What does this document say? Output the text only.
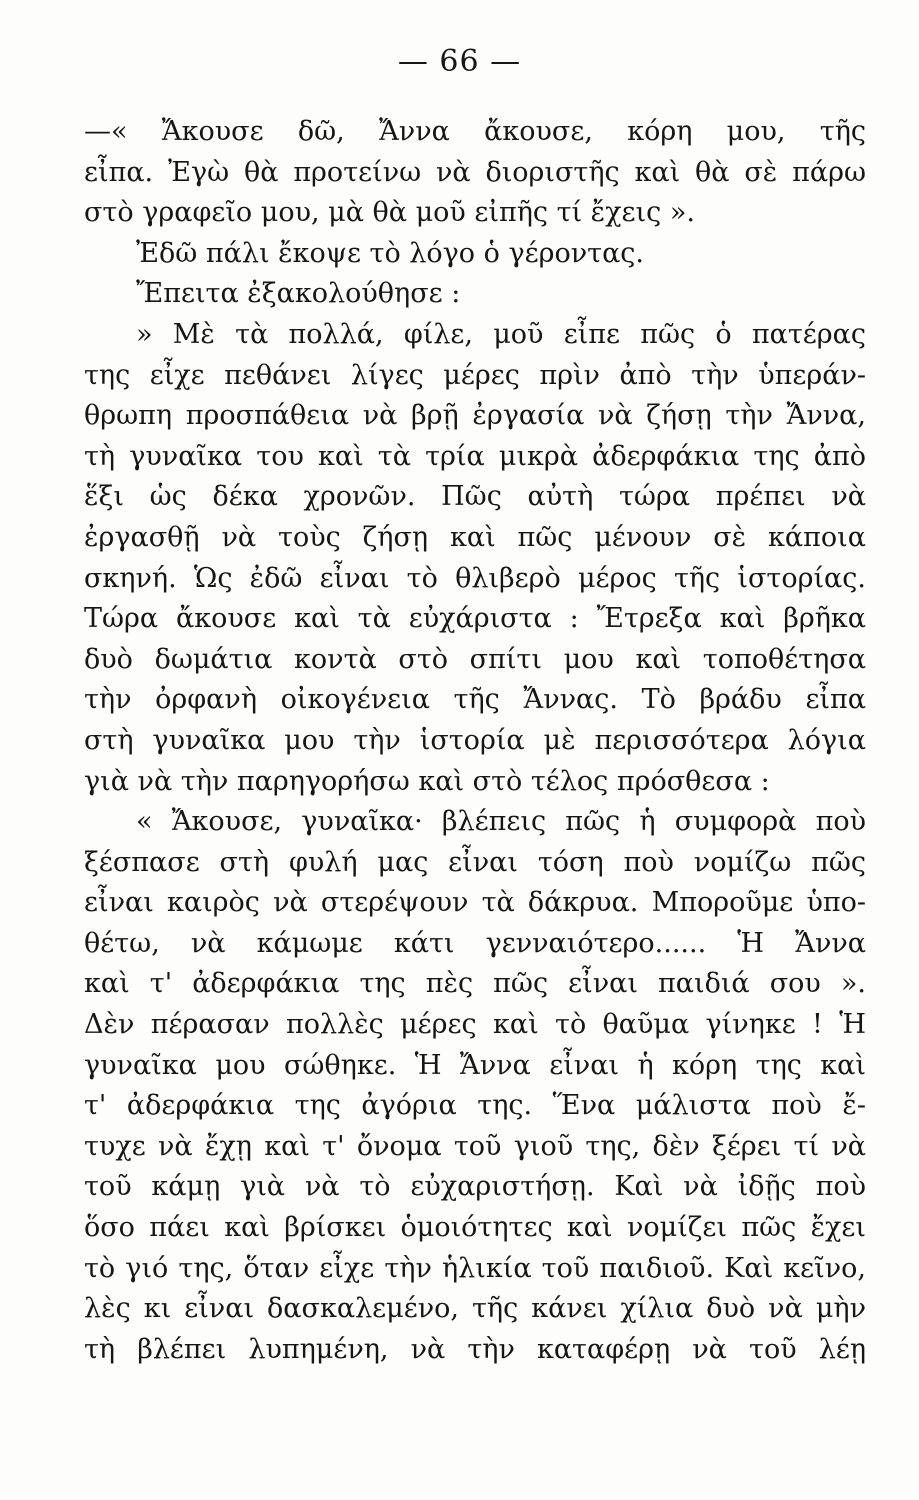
— 66 —
—« Ἄκουσε δῶ, Ἄννα ἄκουσε, κόρη μου, τῆς
εἶπα. Ἐγὼ θὰ προτείνω νὰ διοριστῆς καὶ θὰ σὲ πάρω
στὸ γραφεῖο μου, μὰ θὰ μοῦ εἰπῆς τί ἔχεις ».
Ἐδῶ πάλι ἔκοψε τὸ λόγο ὁ γέροντας.
Ἔπειτα ἐξακολούθησε :
» Μὲ τὰ πολλά, φίλε, μοῦ εἶπε πῶς ὁ πατέρας
της εἶχε πεθάνει λίγες μέρες πρὶν ἀπὸ τὴν ὑπεράν-
θρωπη προσπάθεια νὰ βρῇ ἐργασία νὰ ζήσῃ τὴν Ἄννα,
τὴ γυναῖκα του καὶ τὰ τρία μικρὰ ἀδερφάκια της ἀπὸ
ἕξι ὡς δέκα χρονῶν. Πῶς αὐτὴ τώρα πρέπει νὰ
ἐργασθῇ νὰ τοὺς ζήσῃ καὶ πῶς μένουν σὲ κάποια
σκηνή. Ὡς ἐδῶ εἶναι τὸ θλιβερὸ μέρος τῆς ἱστορίας.
Τώρα ἄκουσε καὶ τὰ εὐχάριστα : Ἔτρεξα καὶ βρῆκα
δυὸ δωμάτια κοντὰ στὸ σπίτι μου καὶ τοποθέτησα
τὴν ὀρφανὴ οἰκογένεια τῆς Ἄννας. Τὸ βράδυ εἶπα
στὴ γυναῖκα μου τὴν ἱστορία μὲ περισσότερα λόγια
γιὰ νὰ τὴν παρηγορήσω καὶ στὸ τέλος πρόσθεσα :
« Ἄκουσε, γυναῖκα· βλέπεις πῶς ἡ συμφορὰ ποὺ
ξέσπασε στὴ φυλή μας εἶναι τόση ποὺ νομίζω πῶς
εἶναι καιρὸς νὰ στερέψουν τὰ δάκρυα. Μποροῦμε ὑπο-
θέτω, νὰ κάμωμε κάτι γενναιότερο...... Ἡ Ἄννα
καὶ τ' ἀδερφάκια της πὲς πῶς εἶναι παιδιά σου ».
Δὲν πέρασαν πολλὲς μέρες καὶ τὸ θαῦμα γίνηκε ! Ἡ
γυναῖκα μου σώθηκε. Ἡ Ἄννα εἶναι ἡ κόρη της καὶ
τ' ἀδερφάκια της ἀγόρια της. Ἕνα μάλιστα ποὺ ἔ-
τυχε νὰ ἔχῃ καὶ τ' ὄνομα τοῦ γιοῦ της, δὲν ξέρει τί νὰ
τοῦ κάμῃ γιὰ νὰ τὸ εὐχαριστήσῃ. Καὶ νὰ ἰδῇς ποὺ
ὅσο πάει καὶ βρίσκει ὁμοιότητες καὶ νομίζει πῶς ἔχει
τὸ γιό της, ὅταν εἶχε τὴν ἡλικία τοῦ παιδιοῦ. Καὶ κεῖνο,
λὲς κι εἶναι δασκαλεμένο, τῆς κάνει χίλια δυὸ νὰ μὴν
τὴ βλέπει λυπημένη, νὰ τὴν καταφέρῃ νὰ τοῦ λέῃ
